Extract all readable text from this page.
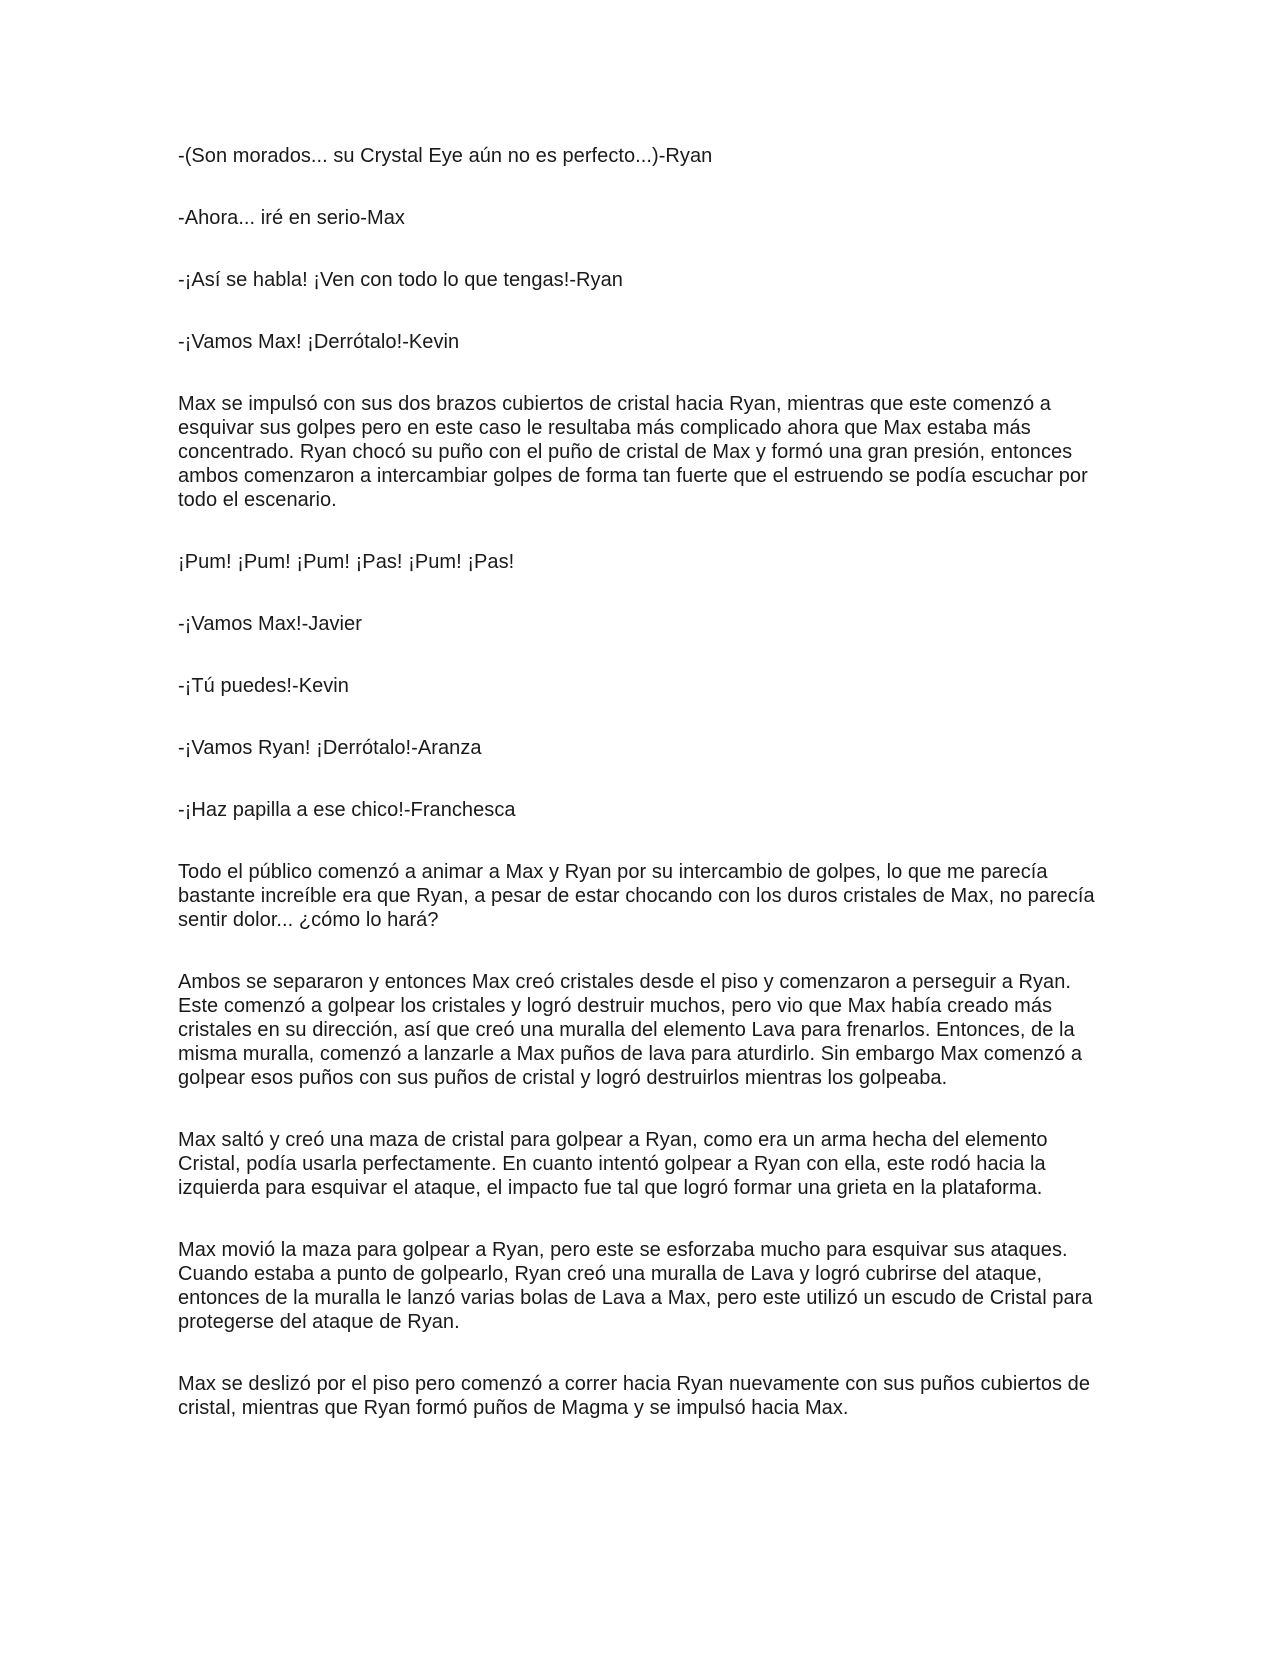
-(Son morados... su Crystal Eye aún no es perfecto...)-Ryan

-Ahora... iré en serio-Max

-¡Así se habla! ¡Ven con todo lo que tengas!-Ryan

-¡Vamos Max! ¡Derrótalo!-Kevin

Max se impulsó con sus dos brazos cubiertos de cristal hacia Ryan, mientras que este comenzó a esquivar sus golpes pero en este caso le resultaba más complicado ahora que Max estaba más concentrado. Ryan chocó su puño con el puño de cristal de Max y formó una gran presión, entonces ambos comenzaron a intercambiar golpes de forma tan fuerte que el estruendo se podía escuchar por todo el escenario.

¡Pum! ¡Pum! ¡Pum! ¡Pas! ¡Pum! ¡Pas!

-¡Vamos Max!-Javier

-¡Tú puedes!-Kevin

-¡Vamos Ryan! ¡Derrótalo!-Aranza

-¡Haz papilla a ese chico!-Franchesca

Todo el público comenzó a animar a Max y Ryan por su intercambio de golpes, lo que me parecía bastante increíble era que Ryan, a pesar de estar chocando con los duros cristales de Max, no parecía sentir dolor... ¿cómo lo hará?

Ambos se separaron y entonces Max creó cristales desde el piso y comenzaron a perseguir a Ryan. Este comenzó a golpear los cristales y logró destruir muchos, pero vio que Max había creado más cristales en su dirección, así que creó una muralla del elemento Lava para frenarlos. Entonces, de la misma muralla, comenzó a lanzarle a Max puños de lava para aturdirlo. Sin embargo Max comenzó a golpear esos puños con sus puños de cristal y logró destruirlos mientras los golpeaba.

Max saltó y creó una maza de cristal para golpear a Ryan, como era un arma hecha del elemento Cristal, podía usarla perfectamente. En cuanto intentó golpear a Ryan con ella, este rodó hacia la izquierda para esquivar el ataque, el impacto fue tal que logró formar una grieta en la plataforma.

Max movió la maza para golpear a Ryan, pero este se esforzaba mucho para esquivar sus ataques. Cuando estaba a punto de golpearlo, Ryan creó una muralla de Lava y logró cubrirse del ataque, entonces de la muralla le lanzó varias bolas de Lava a Max, pero este utilizó un escudo de Cristal para protegerse del ataque de Ryan.

Max se deslizó por el piso pero comenzó a correr hacia Ryan nuevamente con sus puños cubiertos de cristal, mientras que Ryan formó puños de Magma y se impulsó hacia Max.
